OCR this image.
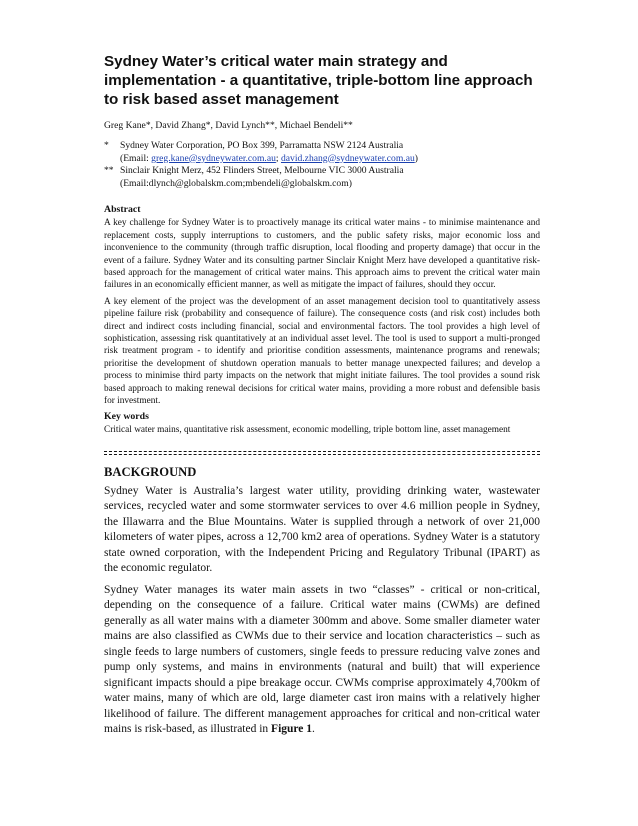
Sydney Water’s critical water main strategy and implementation - a quantitative, triple-bottom line approach to risk based asset management

Greg Kane*, David Zhang*, David Lynch**, Michael Bendeli**

*	Sydney Water Corporation, PO Box 399, Parramatta NSW 2124 Australia
(Email: greg.kane@sydneywater.com.au; david.zhang@sydneywater.com.au)
** Sinclair Knight Merz, 452 Flinders Street, Melbourne VIC 3000 Australia
(Email:dlynch@globalskm.com;mbendeli@globalskm.com)
Abstract

A key challenge for Sydney Water is to proactively manage its critical water mains - to minimise maintenance and replacement costs, supply interruptions to customers, and the public safety risks, major economic loss and inconvenience to the community (through traffic disruption, local flooding and property damage) that occur in the event of a failure. Sydney Water and its consulting partner Sinclair Knight Merz have developed a quantitative risk-based approach for the management of critical water mains. This approach aims to prevent the critical water main failures in an economically efficient manner, as well as mitigate the impact of failures, should they occur.

A key element of the project was the development of an asset management decision tool to quantitatively assess pipeline failure risk (probability and consequence of failure). The consequence costs (and risk cost) includes both direct and indirect costs including financial, social and environmental factors. The tool provides a high level of sophistication, assessing risk quantitatively at an individual asset level. The tool is used to support a multi-pronged risk treatment program - to identify and prioritise condition assessments, maintenance programs and renewals; prioritise the development of shutdown operation manuals to better manage unexpected failures; and develop a process to minimise third party impacts on the network that might initiate failures. The tool provides a sound risk based approach to making renewal decisions for critical water mains, providing a more robust and defensible basis for investment.

Key words

Critical water mains, quantitative risk assessment, economic modelling, triple bottom line, asset management

BACKGROUND

Sydney Water is Australia’s largest water utility, providing drinking water, wastewater services, recycled water and some stormwater services to over 4.6 million people in Sydney, the Illawarra and the Blue Mountains. Water is supplied through a network of over 21,000 kilometers of water pipes, across a 12,700 km2 area of operations. Sydney Water is a statutory state owned corporation, with the Independent Pricing and Regulatory Tribunal (IPART) as the economic regulator.

Sydney Water manages its water main assets in two “classes” - critical or non-critical, depending on the consequence of a failure. Critical water mains (CWMs) are defined generally as all water mains with a diameter 300mm and above. Some smaller diameter water mains are also classified as CWMs due to their service and location characteristics – such as single feeds to large numbers of customers, single feeds to pressure reducing valve zones and pump only systems, and mains in environments (natural and built) that will experience significant impacts should a pipe breakage occur. CWMs comprise approximately 4,700km of water mains, many of which are old, large diameter cast iron mains with a relatively higher likelihood of failure. The different management approaches for critical and non-critical water mains is risk-based, as illustrated in Figure 1.
